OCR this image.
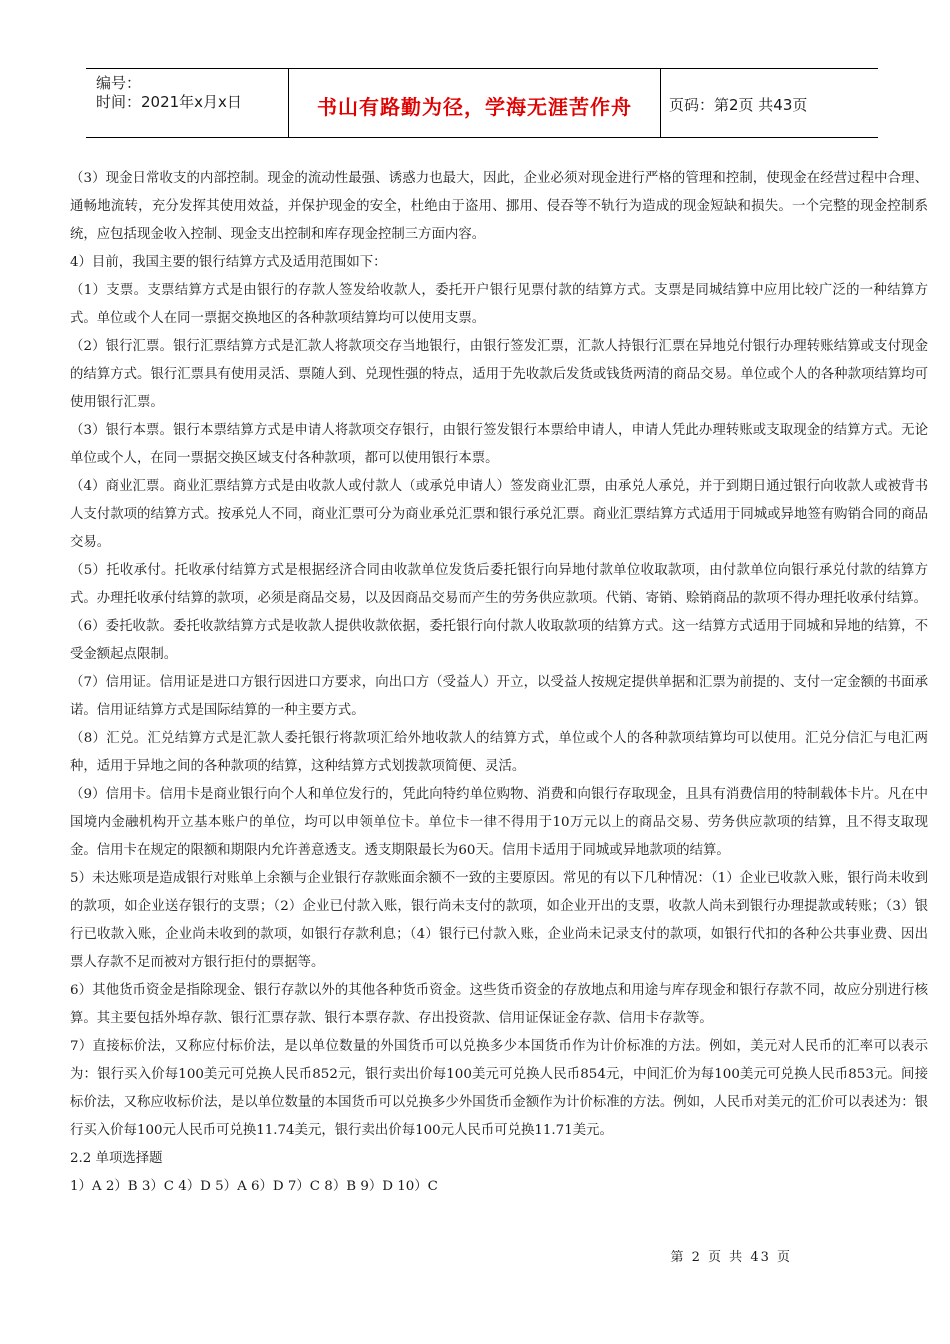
编号：
时间：2021年x月x日	书山有路勤为径，学海无涯苦作舟	页码：第2页 共43页

（3）现金日常收支的内部控制。现金的流动性最强、诱惑力也最大，因此，企业必须对现金进行严格的管理和控制，使现金在经营过程中合理、通畅地流转，充分发挥其使用效益，并保护现金的安全，杜绝由于盗用、挪用、侵吞等不轨行为造成的现金短缺和损失。一个完整的现金控制系统，应包括现金收入控制、现金支出控制和库存现金控制三方面内容。

4）目前，我国主要的银行结算方式及适用范围如下：

（1）支票。支票结算方式是由银行的存款人签发给收款人，委托开户银行见票付款的结算方式。支票是同城结算中应用比较广泛的一种结算方式。单位或个人在同一票据交换地区的各种款项结算均可以使用支票。

（2）银行汇票。银行汇票结算方式是汇款人将款项交存当地银行，由银行签发汇票，汇款人持银行汇票在异地兑付银行办理转账结算或支付现金的结算方式。银行汇票具有使用灵活、票随人到、兑现性强的特点，适用于先收款后发货或钱货两清的商品交易。单位或个人的各种款项结算均可使用银行汇票。

（3）银行本票。银行本票结算方式是申请人将款项交存银行，由银行签发银行本票给申请人，申请人凭此办理转账或支取现金的结算方式。无论单位或个人，在同一票据交换区域支付各种款项，都可以使用银行本票。

（4）商业汇票。商业汇票结算方式是由收款人或付款人（或承兑申请人）签发商业汇票，由承兑人承兑，并于到期日通过银行向收款人或被背书人支付款项的结算方式。按承兑人不同，商业汇票可分为商业承兑汇票和银行承兑汇票。商业汇票结算方式适用于同城或异地签有购销合同的商品交易。

（5）托收承付。托收承付结算方式是根据经济合同由收款单位发货后委托银行向异地付款单位收取款项，由付款单位向银行承兑付款的结算方式。办理托收承付结算的款项，必须是商品交易，以及因商品交易而产生的劳务供应款项。代销、寄销、赊销商品的款项不得办理托收承付结算。

（6）委托收款。委托收款结算方式是收款人提供收款依据，委托银行向付款人收取款项的结算方式。这一结算方式适用于同城和异地的结算，不受金额起点限制。

（7）信用证。信用证是进口方银行因进口方要求，向出口方（受益人）开立，以受益人按规定提供单据和汇票为前提的、支付一定金额的书面承诺。信用证结算方式是国际结算的一种主要方式。

（8）汇兑。汇兑结算方式是汇款人委托银行将款项汇给外地收款人的结算方式，单位或个人的各种款项结算均可以使用。汇兑分信汇与电汇两种，适用于异地之间的各种款项的结算，这种结算方式划拨款项简便、灵活。

（9）信用卡。信用卡是商业银行向个人和单位发行的，凭此向特约单位购物、消费和向银行存取现金，且具有消费信用的特制载体卡片。凡在中国境内金融机构开立基本账户的单位，均可以申领单位卡。单位卡一律不得用于10万元以上的商品交易、劳务供应款项的结算，且不得支取现金。信用卡在规定的限额和期限内允许善意透支。透支期限最长为60天。信用卡适用于同城或异地款项的结算。

5）未达账项是造成银行对账单上余额与企业银行存款账面余额不一致的主要原因。常见的有以下几种情况：（1）企业已收款入账，银行尚未收到的款项，如企业送存银行的支票；（2）企业已付款入账，银行尚未支付的款项，如企业开出的支票，收款人尚未到银行办理提款或转账；（3）银行已收款入账，企业尚未收到的款项，如银行存款利息；（4）银行已付款入账，企业尚未记录支付的款项，如银行代扣的各种公共事业费、因出票人存款不足而被对方银行拒付的票据等。

6）其他货币资金是指除现金、银行存款以外的其他各种货币资金。这些货币资金的存放地点和用途与库存现金和银行存款不同，故应分别进行核算。其主要包括外埠存款、银行汇票存款、银行本票存款、存出投资款、信用证保证金存款、信用卡存款等。

7）直接标价法，又称应付标价法，是以单位数量的外国货币可以兑换多少本国货币作为计价标准的方法。例如，美元对人民币的汇率可以表示为：银行买入价每100美元可兑换人民币852元，银行卖出价每100美元可兑换人民币854元，中间汇价为每100美元可兑换人民币853元。间接标价法，又称应收标价法，是以单位数量的本国货币可以兑换多少外国货币金额作为计价标准的方法。例如，人民币对美元的汇价可以表述为：银行买入价每100元人民币可兑换11.74美元，银行卖出价每100元人民币可兑换11.71美元。

2.2 单项选择题

1）A 2）B 3）C 4）D 5）A 6）D 7）C 8）B 9）D 10）C

第 2 页 共 43 页
